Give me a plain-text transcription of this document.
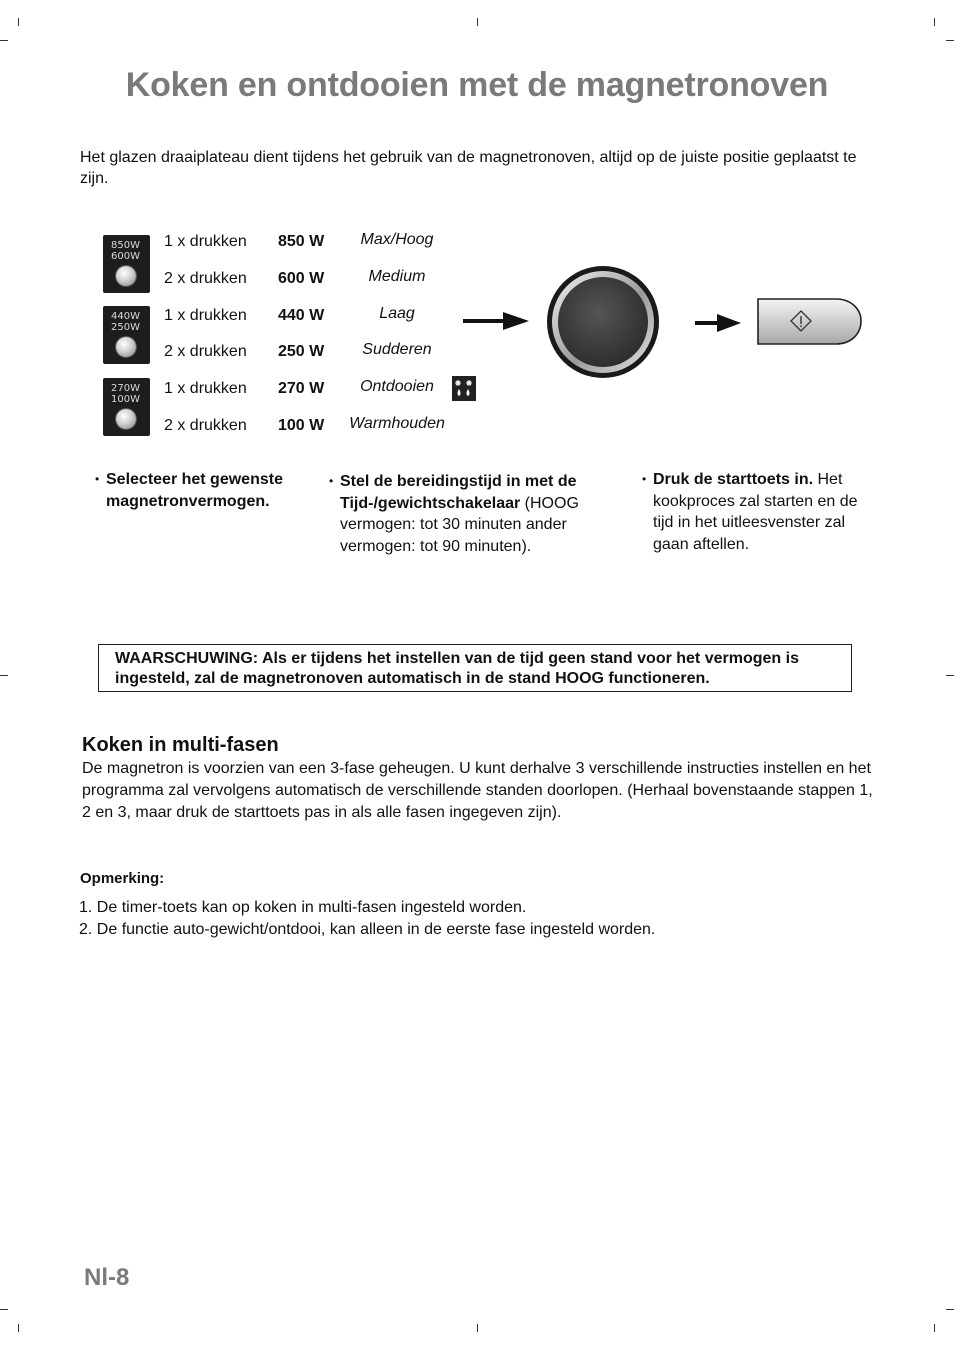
Koken en ontdooien met de magnetronoven
Het glazen draaiplateau dient tijdens het gebruik van de magnetronoven, altijd op de juiste positie geplaatst te zijn.
850W
600W
440W
250W
270W
100W
1 x drukken 850 W	Max/Hoog
2 x drukken 600 W	Medium
1 x drukken 440 W	Laag
2 x drukken 250 W	Sudderen
1 x drukken 270 W	Ontdooien
2 x drukken 100 W	Warmhouden
• Selecteer het gewenste magnetronvermogen.
• Stel de bereidingstijd in met de Tijd-/gewichtschakelaar (HOOG vermogen: tot 30 minuten ander vermogen: tot 90 minuten).
• Druk de starttoets in. Het kookproces zal starten en de tijd in het uitleesvenster zal gaan aftellen.
WAARSCHUWING: Als er tijdens het instellen van de tijd geen stand voor het vermogen is ingesteld, zal de magnetronoven automatisch in de stand HOOG functioneren.
Koken in multi-fasen
De magnetron is voorzien van een 3-fase geheugen. U kunt derhalve 3 verschillende instructies instellen en het programma zal vervolgens automatisch de verschillende standen doorlopen. (Herhaal bovenstaande stappen 1, 2 en 3, maar druk de starttoets pas in als alle fasen ingegeven zijn).
Opmerking:
1. De timer-toets kan op koken in multi-fasen ingesteld worden.
2. De functie auto-gewicht/ontdooi, kan alleen in de eerste fase ingesteld worden.
Nl-8
